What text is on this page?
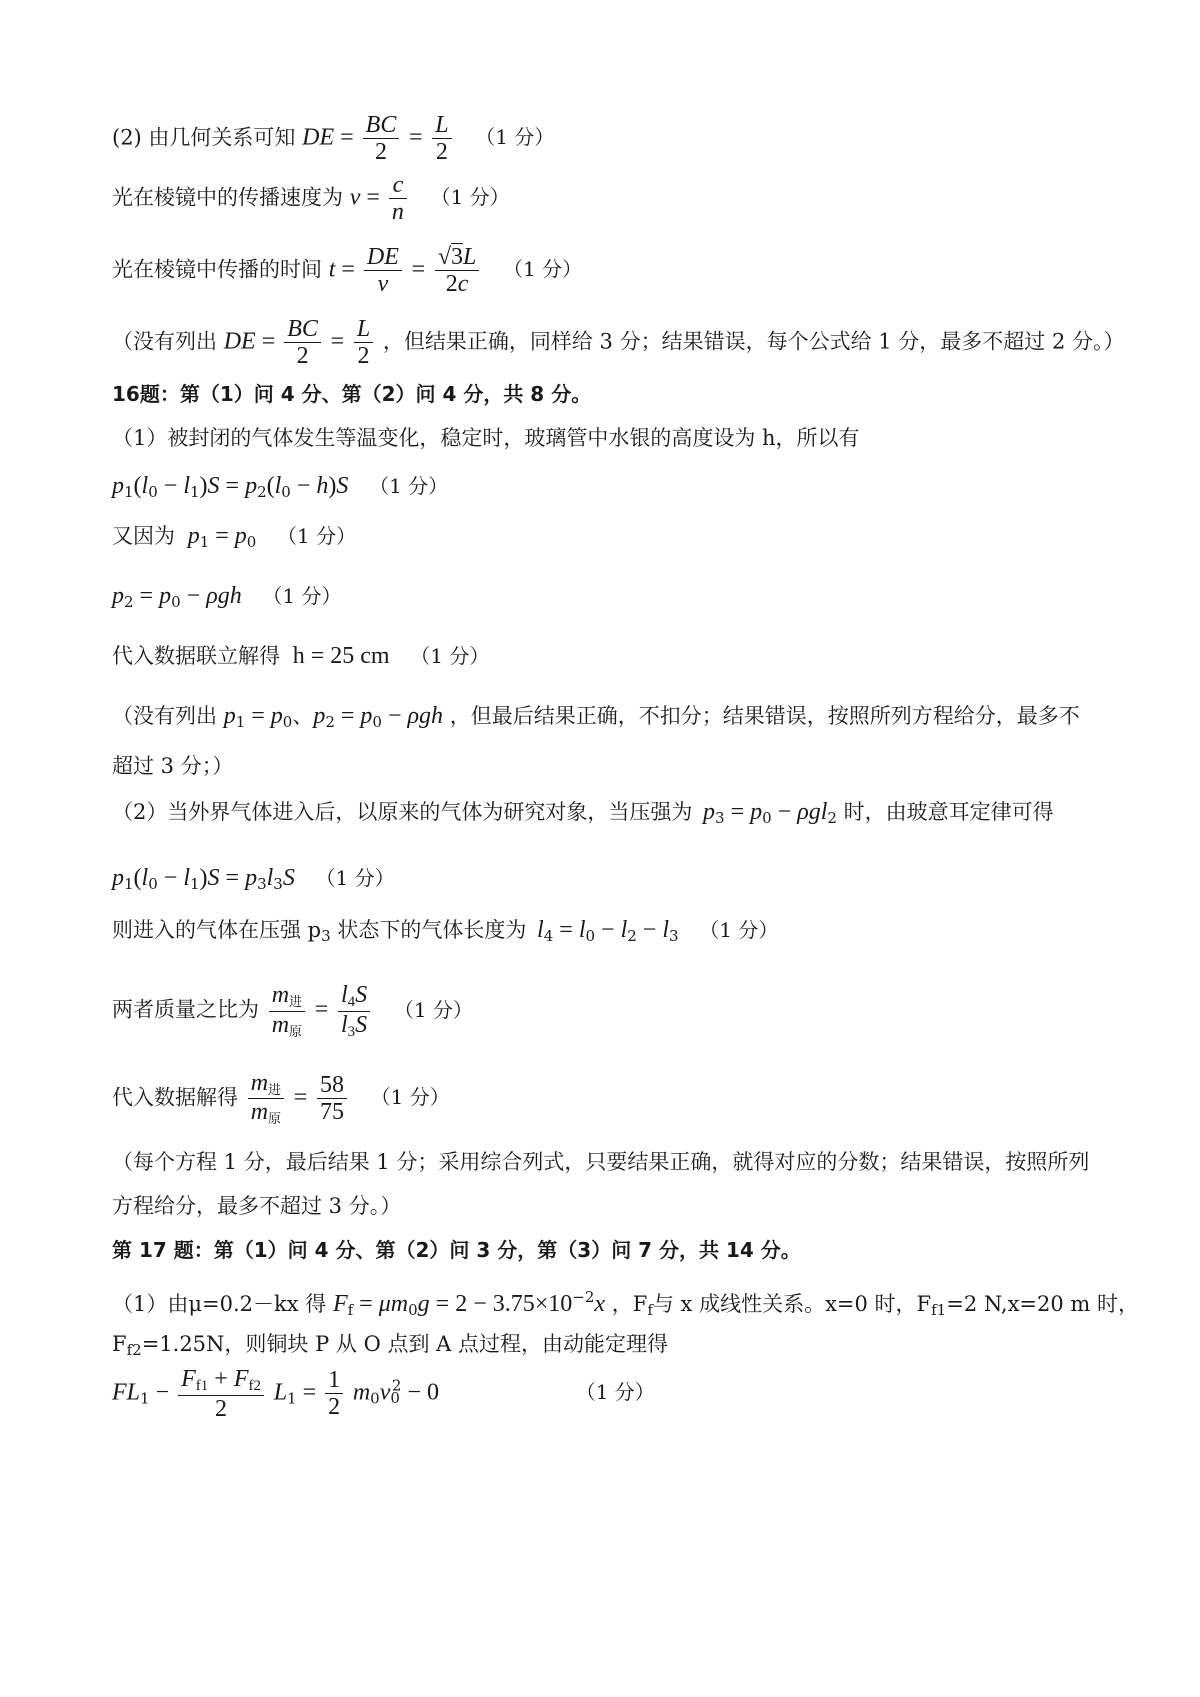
(2) 由几何关系可知 DE = $\frac{BC}{2} = \frac{L}{2} (1$ 分）
光在棱镜中的传播速度为 $v = \frac{c}{n} (1$ 分）
光在棱镜中传播的时间 $t = \frac{DE}{v} = \frac{√3L}{2c} (1$ 分）
（没有列出 DE = $\frac{BC}{2} = \frac{L}{2}$ ，但结果正确，同样给 3 分；结果错误，每个公式给 1 分，最多不超过 2 分。）
16题：第（1）问 4 分、第（2）问 4 分，共 8 分。
（1）被封闭的气体发生等温变化，稳定时，玻璃管中水银的高度设为 h，所以有
$p_1(l_0 - l_1)S = p_2(l_0 - h)S$ （1 分）
又因为 $p_1 = p_0$ （1 分）
$p_2 = p_0 - \rho gh$ （1 分）
代入数据联立解得 h = 25 cm （1 分）
（没有列出 $p_1 = p_0$、$p_2 = p_0 - \rho gh$ ，但最后结果正确，不扣分；结果错误，按照所列方程给分，最多不
超过 3 分；）
（2）当外界气体进入后，以原来的气体为研究对象，当压强为 $p_3 = p_0 - \rho gl_2$ 时，由玻意耳定律可得
$p_1(l_0 - l_1)S = p_3l_3S$ （1 分）
则进入的气体在压强 $p_3$ 状态下的气体长度为 $l_4 = l_0 - l_2 - l_3$ （1 分）
两者质量之比为 $\frac{\text{m进}}{\text{m原}} = \frac{l_4S}{l_3S} (1$ 分）
代入数据解得 $\frac{\text{m进}}{\text{m原}} = \frac{58}{75} (1$ 分）
（每个方程 1 分，最后结果 1 分；采用综合列式，只要结果正确，就得对应的分数；结果错误，按照所列
方程给分，最多不超过 3 分。）
第 17 题：第（1）问 4 分、第（2）问 3 分，第（3）问 7 分，共 14 分。
（1）由μ=0.2－kx 得 $F_f = \mu m_0g = 2 - 3.75\times 10^{-2}x$ ，$F_f$与 x 成线性关系。x=0 时，$F_{f1}=2$ N,x=20 m 时，
$F_{f2}=1.25N$，则铜块 P 从 O 点到 A 点过程，由动能定理得
$FL_1 - \frac{F_{f1} + F_{f2}}{2} L_1 = \frac{1}{2} m_0v_0^2 - 0$	（1 分）
